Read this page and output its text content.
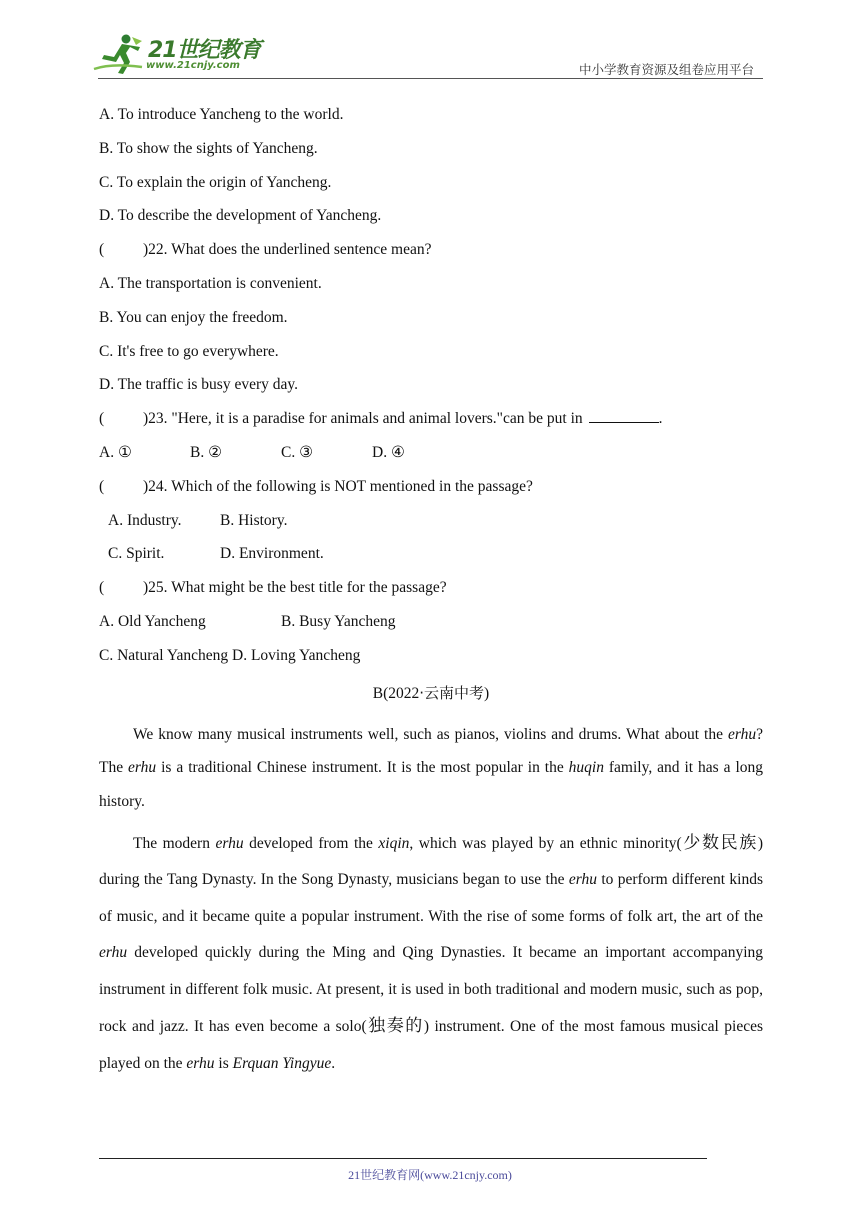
21世纪教育
www.21cnjy.com	中小学教育资源及组卷应用平台
A. To introduce Yancheng to the world.
B. To show the sights of Yancheng.
C. To explain the origin of Yancheng.
D. To describe the development of Yancheng.
(	)22. What does the underlined sentence mean?
A. The transportation is convenient.
B. You can enjoy the freedom.
C. It's free to go everywhere.
D. The traffic is busy every day.
(	)23. "Here, it is a paradise for animals and animal lovers."can be put in	.
A. ①	B. ②	C. ③	D. ④
(	)24. Which of the following is NOT mentioned in the passage?
A. Industry. B. History.
C. Spirit.	D. Environment.
(	)25. What might be the best title for the passage?
A. Old Yancheng	B. Busy Yancheng
C. Natural Yancheng D. Loving Yancheng
B(2022·云南中考)

We know many musical instruments well, such as pianos, violins and drums. What about the erhu? The erhu is a traditional Chinese instrument. It is the most popular in the huqin family, and it has a long history.

The modern erhu developed from the xiqin, which was played by an ethnic minority(少数民族) during the Tang Dynasty. In the Song Dynasty, musicians began to use the erhu to perform different kinds of music, and it became quite a popular instrument. With the rise of some forms of folk art, the art of the erhu developed quickly during the Ming and Qing Dynasties. It became an important accompanying instrument in different folk music. At present, it is used in both traditional and modern music, such as pop, rock and jazz. It has even become a solo(独奏的) instrument. One of the most famous musical pieces played on the erhu is Erquan Yingyue.

21世纪教育网(www.21cnjy.com)
